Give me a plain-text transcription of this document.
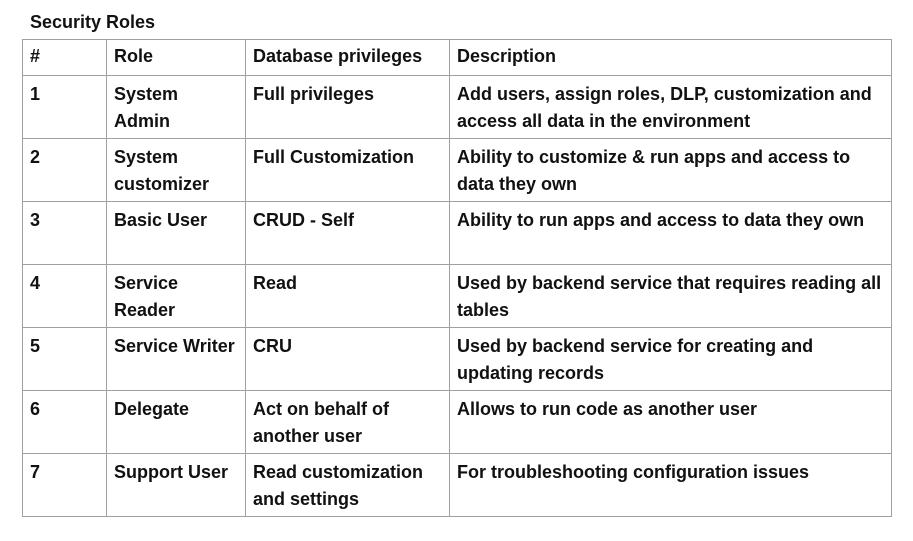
Security Roles
#	Role	Database privileges	Description
1	System Admin	Full privileges	Add users, assign roles, DLP, customization and access all data in the environment
2	System customizer	Full Customization	Ability to customize & run apps and access to data they own
3	Basic User	CRUD - Self	Ability to run apps and access to data they own
4	Service Reader	Read	Used by backend service that requires reading all tables
5	Service Writer	CRU	Used by backend service for creating and updating records
6	Delegate	Act on behalf of another user	Allows to run code as another user
7	Support User	Read customization and settings	For troubleshooting configuration issues
